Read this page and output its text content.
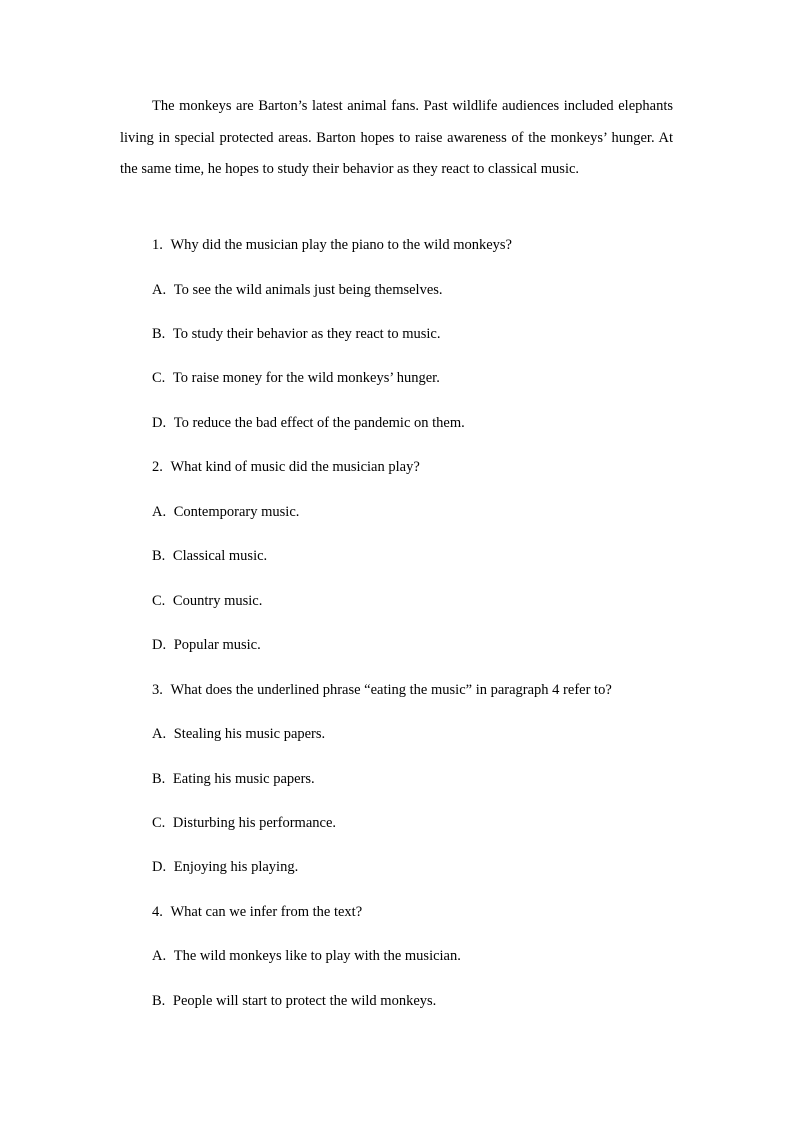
The monkeys are Barton’s latest animal fans. Past wildlife audiences included elephants living in special protected areas. Barton hopes to raise awareness of the monkeys’ hunger. At the same time, he hopes to study their behavior as they react to classical music.

1. Why did the musician play the piano to the wild monkeys?
A. To see the wild animals just being themselves.
B. To study their behavior as they react to music.
C. To raise money for the wild monkeys’ hunger.
D. To reduce the bad effect of the pandemic on them.
2. What kind of music did the musician play?
A. Contemporary music.
B. Classical music.
C. Country music.
D. Popular music.
3. What does the underlined phrase “eating the music” in paragraph 4 refer to?
A. Stealing his music papers.
B. Eating his music papers.
C. Disturbing his performance.
D. Enjoying his playing.
4. What can we infer from the text?
A. The wild monkeys like to play with the musician.
B. People will start to protect the wild monkeys.
